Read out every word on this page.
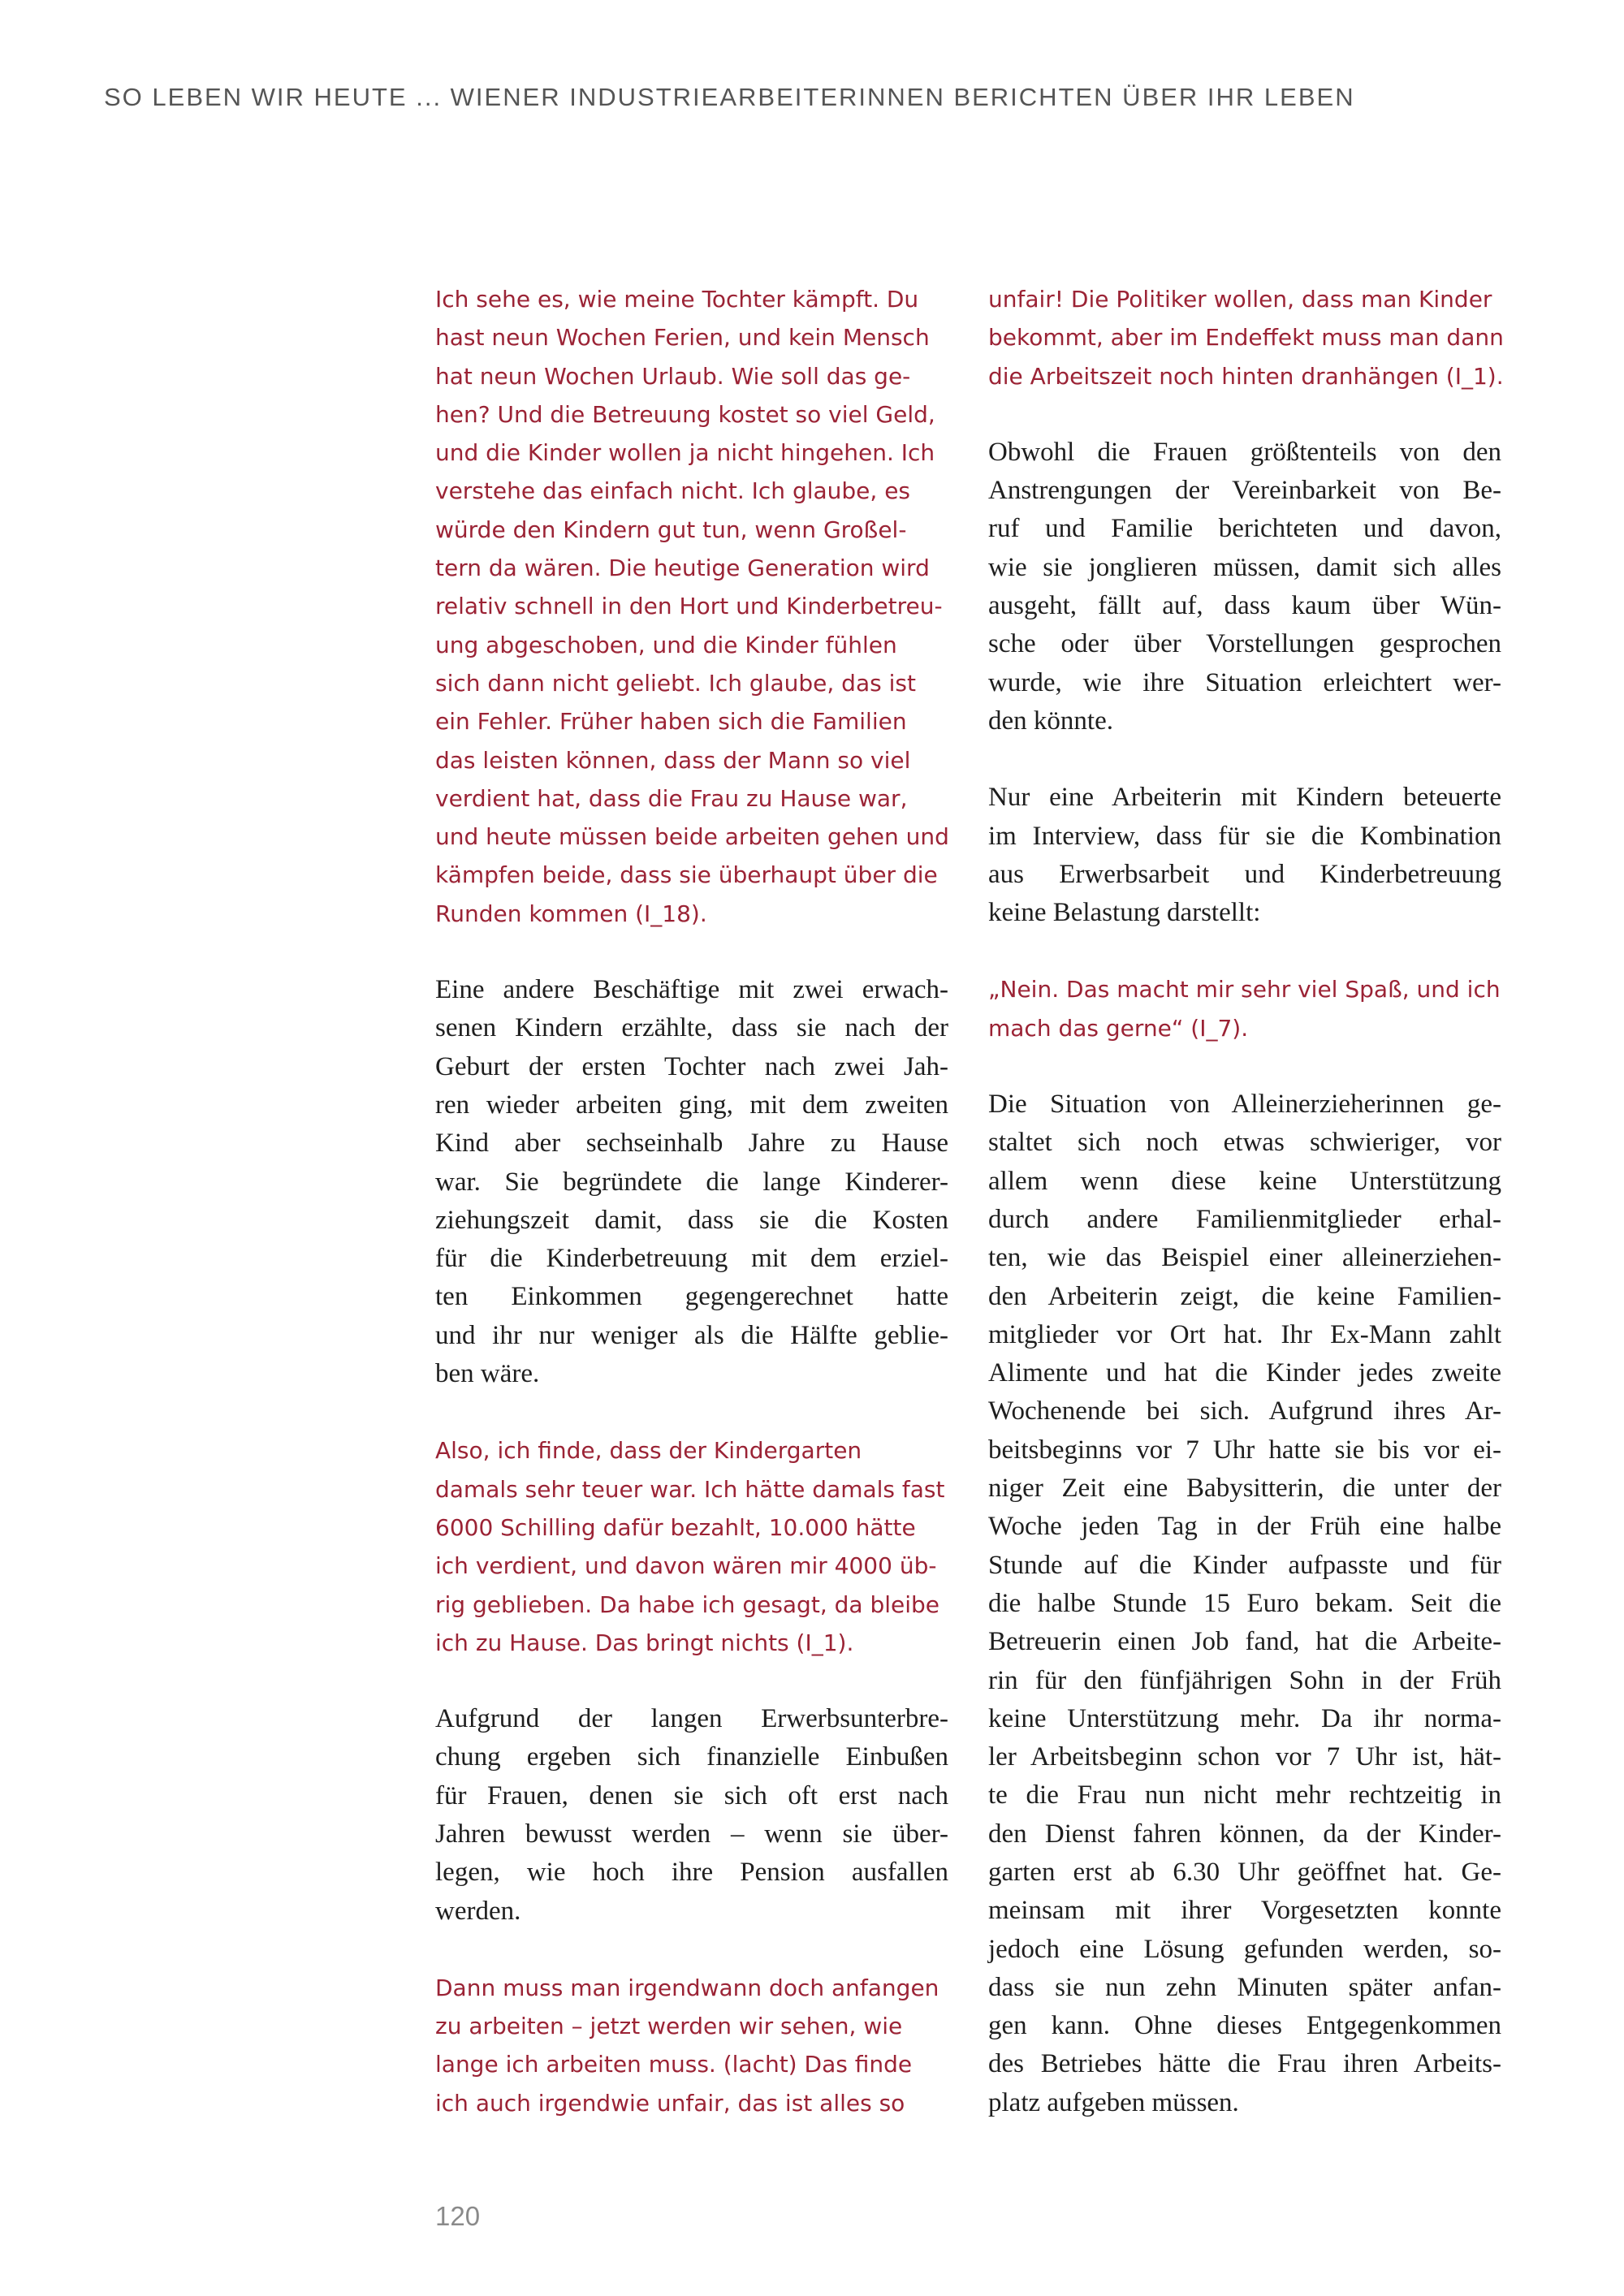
SO LEBEN WIR HEUTE ... WIENER INDUSTRIEARBEITERINNEN BERICHTEN ÜBER IHR LEBEN
Ich sehe es, wie meine Tochter kämpft. Du
hast neun Wochen Ferien, und kein Mensch
hat neun Wochen Urlaub. Wie soll das ge-
hen? Und die Betreuung kostet so viel Geld,
und die Kinder wollen ja nicht hingehen. Ich
verstehe das einfach nicht. Ich glaube, es
würde den Kindern gut tun, wenn Großel-
tern da wären. Die heutige Generation wird
relativ schnell in den Hort und Kinderbetreu-
ung abgeschoben, und die Kinder fühlen
sich dann nicht geliebt. Ich glaube, das ist
ein Fehler. Früher haben sich die Familien
das leisten können, dass der Mann so viel
verdient hat, dass die Frau zu Hause war,
und heute müssen beide arbeiten gehen und
kämpfen beide, dass sie überhaupt über die
Runden kommen (I_18).
Eine andere Beschäftige mit zwei erwach-
senen Kindern erzählte, dass sie nach der
Geburt der ersten Tochter nach zwei Jah-
ren wieder arbeiten ging, mit dem zweiten
Kind aber sechseinhalb Jahre zu Hause
war. Sie begründete die lange Kinderer-
ziehungszeit damit, dass sie die Kosten
für die Kinderbetreuung mit dem erziel-
ten Einkommen gegengerechnet hatte
und ihr nur weniger als die Hälfte geblie-
ben wäre.
Also, ich finde, dass der Kindergarten
damals sehr teuer war. Ich hätte damals fast
6000 Schilling dafür bezahlt, 10.000 hätte
ich verdient, und davon wären mir 4000 üb-
rig geblieben. Da habe ich gesagt, da bleibe
ich zu Hause. Das bringt nichts (I_1).
Aufgrund der langen Erwerbsunterbre-
chung ergeben sich finanzielle Einbußen
für Frauen, denen sie sich oft erst nach
Jahren bewusst werden – wenn sie über-
legen, wie hoch ihre Pension ausfallen
werden.
Dann muss man irgendwann doch anfangen
zu arbeiten – jetzt werden wir sehen, wie
lange ich arbeiten muss. (lacht) Das finde
ich auch irgendwie unfair, das ist alles so
unfair! Die Politiker wollen, dass man Kinder
bekommt, aber im Endeffekt muss man dann
die Arbeitszeit noch hinten dranhängen (I_1).
Obwohl die Frauen größtenteils von den
Anstrengungen der Vereinbarkeit von Be-
ruf und Familie berichteten und davon,
wie sie jonglieren müssen, damit sich alles
ausgeht, fällt auf, dass kaum über Wün-
sche oder über Vorstellungen gesprochen
wurde, wie ihre Situation erleichtert wer-
den könnte.
Nur eine Arbeiterin mit Kindern beteuerte
im Interview, dass für sie die Kombination
aus Erwerbsarbeit und Kinderbetreuung
keine Belastung darstellt:
„Nein. Das macht mir sehr viel Spaß, und ich
mach das gerne“ (I_7).
Die Situation von Alleinerzieherinnen ge-
staltet sich noch etwas schwieriger, vor
allem wenn diese keine Unterstützung
durch andere Familienmitglieder erhal-
ten, wie das Beispiel einer alleinerziehen-
den Arbeiterin zeigt, die keine Familien-
mitglieder vor Ort hat. Ihr Ex-Mann zahlt
Alimente und hat die Kinder jedes zweite
Wochenende bei sich. Aufgrund ihres Ar-
beitsbeginns vor 7 Uhr hatte sie bis vor ei-
niger Zeit eine Babysitterin, die unter der
Woche jeden Tag in der Früh eine halbe
Stunde auf die Kinder aufpasste und für
die halbe Stunde 15 Euro bekam. Seit die
Betreuerin einen Job fand, hat die Arbeite-
rin für den fünfjährigen Sohn in der Früh
keine Unterstützung mehr. Da ihr norma-
ler Arbeitsbeginn schon vor 7 Uhr ist, hät-
te die Frau nun nicht mehr rechtzeitig in
den Dienst fahren können, da der Kinder-
garten erst ab 6.30 Uhr geöffnet hat. Ge-
meinsam mit ihrer Vorgesetzten konnte
jedoch eine Lösung gefunden werden, so-
dass sie nun zehn Minuten später anfan-
gen kann. Ohne dieses Entgegenkommen
des Betriebes hätte die Frau ihren Arbeits-
platz aufgeben müssen.
120
